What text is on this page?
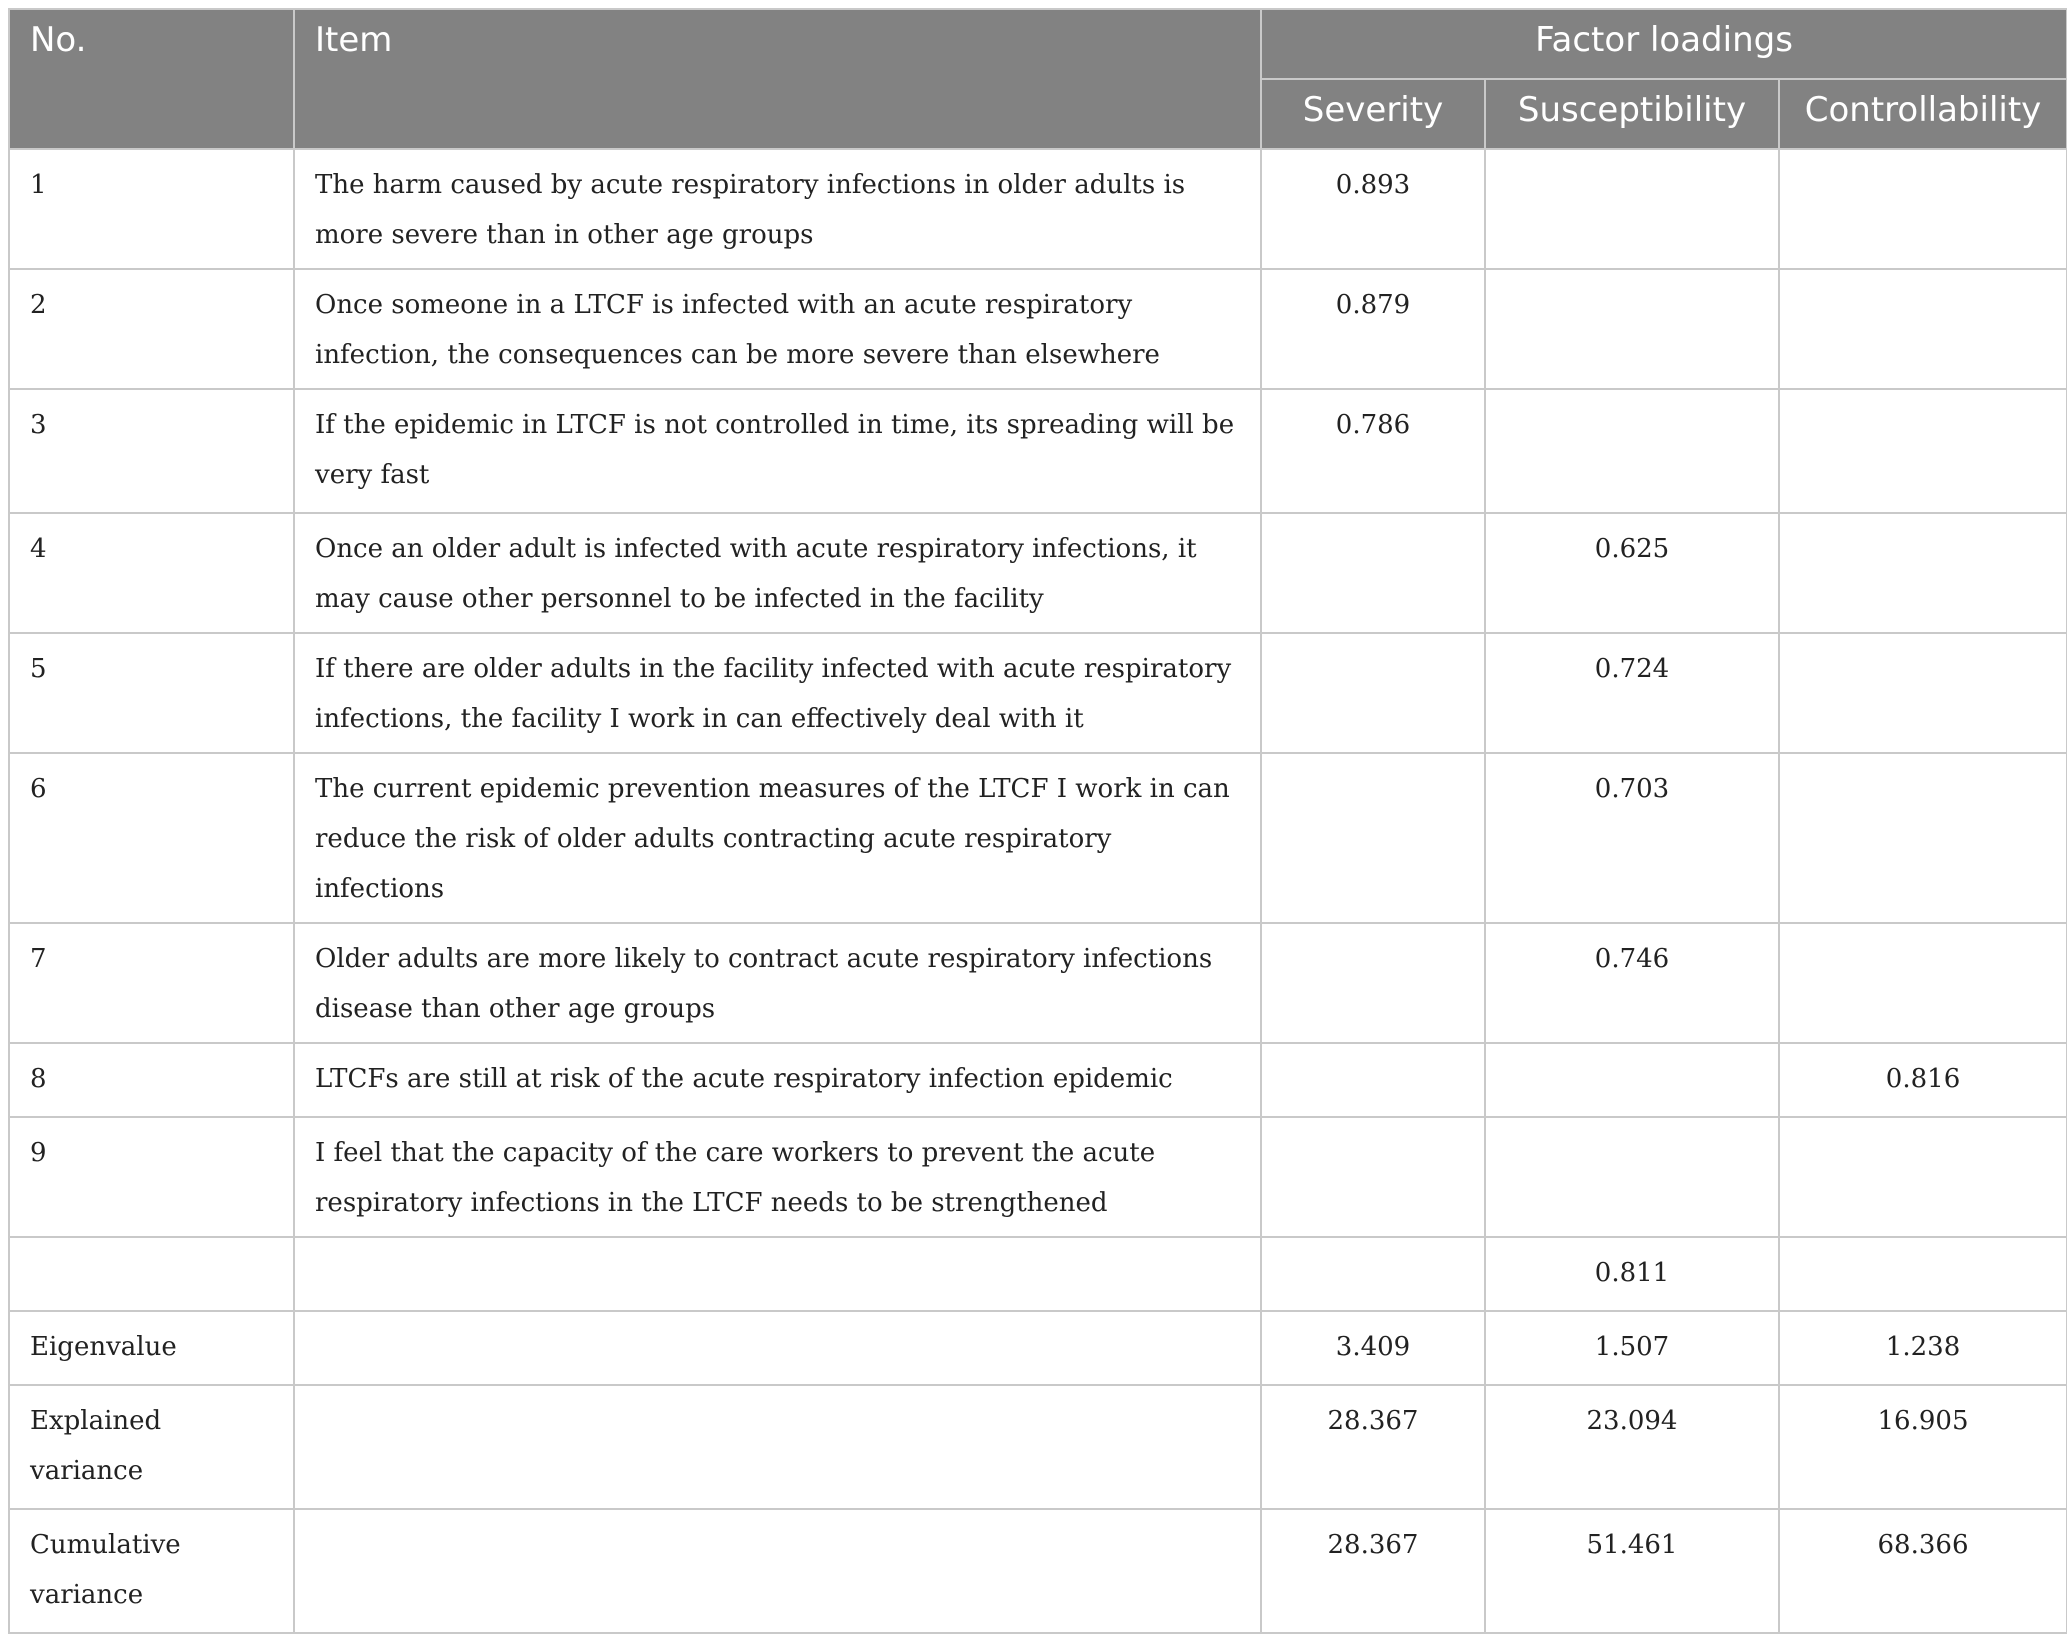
No.	Item	Factor loadings		
		Severity	Susceptibility	Controllability
1	The harm caused by acute respiratory infections in older adults is more severe than in other age groups	0.893		
2	Once someone in a LTCF is infected with an acute respiratory infection, the consequences can be more severe than elsewhere	0.879		
3	If the epidemic in LTCF is not controlled in time, its spreading will be very fast	0.786		
4	Once an older adult is infected with acute respiratory infections, it may cause other personnel to be infected in the facility		0.625	
5	If there are older adults in the facility infected with acute respiratory infections, the facility I work in can effectively deal with it		0.724	
6	The current epidemic prevention measures of the LTCF I work in can reduce the risk of older adults contracting acute respiratory infections		0.703	
7	Older adults are more likely to contract acute respiratory infections disease than other age groups		0.746	
8	LTCFs are still at risk of the acute respiratory infection epidemic			0.816
9	I feel that the capacity of the care workers to prevent the acute respiratory infections in the LTCF needs to be strengthened			
			0.811	
Eigenvalue		3.409	1.507	1.238
Explained variance		28.367	23.094	16.905
Cumulative variance		28.367	51.461	68.366
